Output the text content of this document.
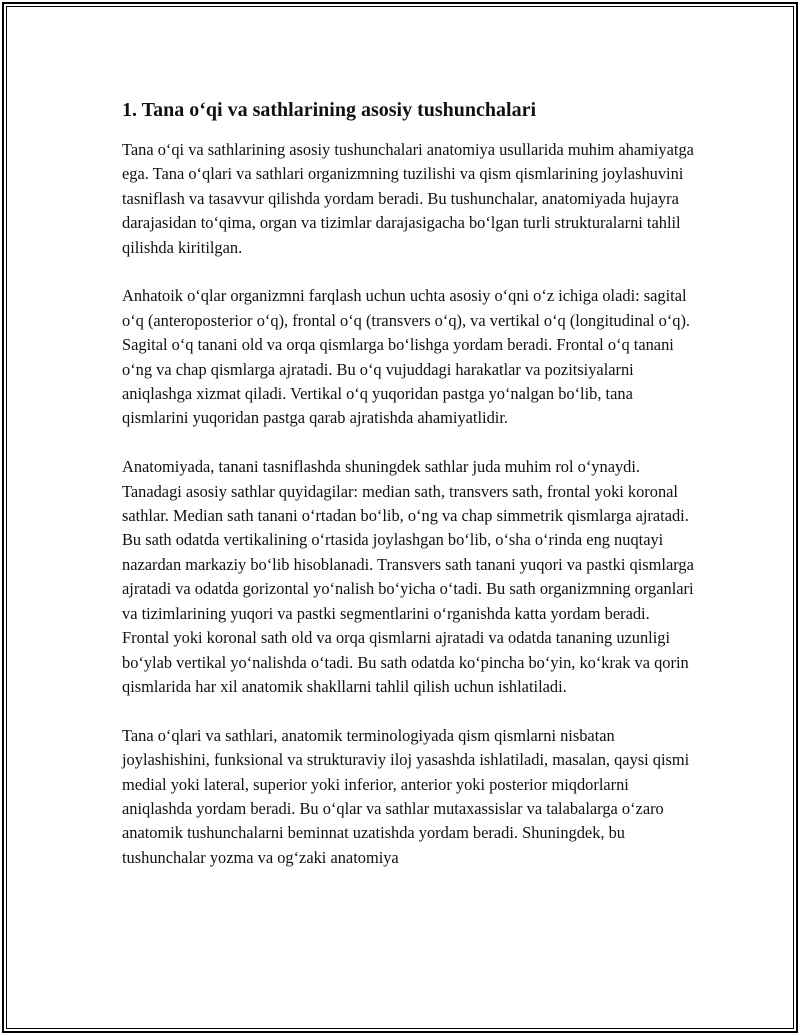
1. Tana o‘qi va sathlarining asosiy tushunchalari

Tana o‘qi va sathlarining asosiy tushunchalari anatomiya usullarida muhim ahamiyatga ega. Tana o‘qlari va sathlari organizmning tuzilishi va qism qismlarining joylashuvini tasniflash va tasavvur qilishda yordam beradi. Bu tushunchalar, anatomiyada hujayra darajasidan to‘qima, organ va tizimlar darajasigacha bo‘lgan turli strukturalarni tahlil qilishda kiritilgan.

Anhatoik o‘qlar organizmni farqlash uchun uchta asosiy o‘qni o‘z ichiga oladi: sagital o‘q (anteroposterior o‘q), frontal o‘q (transvers o‘q), va vertikal o‘q (longitudinal o‘q). Sagital o‘q tanani old va orqa qismlarga bo‘lishga yordam beradi. Frontal o‘q tanani o‘ng va chap qismlarga ajratadi. Bu o‘q vujuddagi harakatlar va pozitsiyalarni aniqlashga xizmat qiladi. Vertikal o‘q yuqoridan pastga yo‘nalgan bo‘lib, tana qismlarini yuqoridan pastga qarab ajratishda ahamiyatlidir.

Anatomiyada, tanani tasniflashda shuningdek sathlar juda muhim rol o‘ynaydi. Tanadagi asosiy sathlar quyidagilar: median sath, transvers sath, frontal yoki koronal sathlar. Median sath tanani o‘rtadan bo‘lib, o‘ng va chap simmetrik qismlarga ajratadi. Bu sath odatda vertikalining o‘rtasida joylashgan bo‘lib, o‘sha o‘rinda eng nuqtayi nazardan markaziy bo‘lib hisoblanadi. Transvers sath tanani yuqori va pastki qismlarga ajratadi va odatda gorizontal yo‘nalish bo‘yicha o‘tadi. Bu sath organizmning organlari va tizimlarining yuqori va pastki segmentlarini o‘rganishda katta yordam beradi. Frontal yoki koronal sath old va orqa qismlarni ajratadi va odatda tananing uzunligi bo‘ylab vertikal yo‘nalishda o‘tadi. Bu sath odatda ko‘pincha bo‘yin, ko‘krak va qorin qismlarida har xil anatomik shakllarni tahlil qilish uchun ishlatiladi.

Tana o‘qlari va sathlari, anatomik terminologiyada qism qismlarni nisbatan joylashishini, funksional va strukturaviy iloj yasashda ishlatiladi, masalan, qaysi qismi medial yoki lateral, superior yoki inferior, anterior yoki posterior miqdorlarni aniqlashda yordam beradi. Bu o‘qlar va sathlar mutaxassislar va talabalarga o‘zaro anatomik tushunchalarni beminnat uzatishda yordam beradi. Shuningdek, bu tushunchalar yozma va og‘zaki anatomiya
